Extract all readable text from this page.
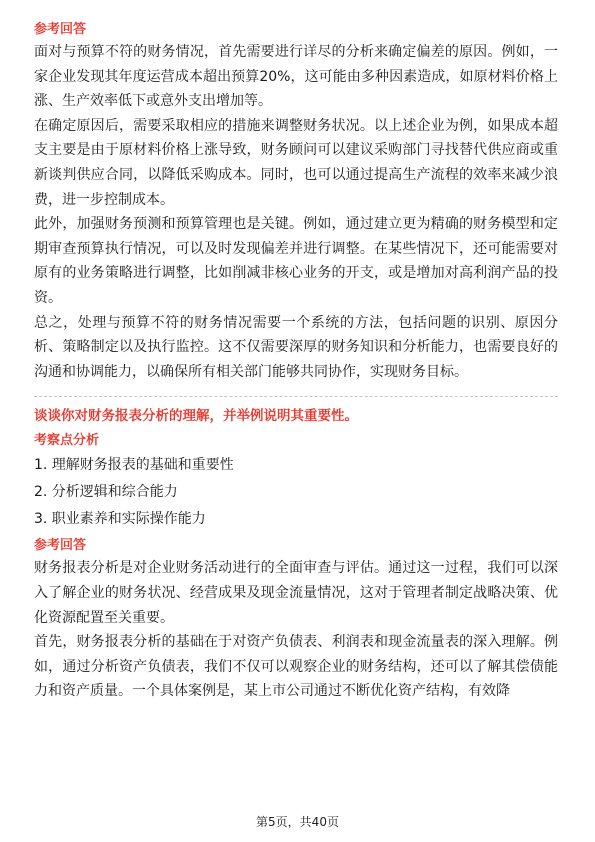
参考回答

面对与预算不符的财务情况，首先需要进行详尽的分析来确定偏差的原因。例如，一家企业发现其年度运营成本超出预算20%，这可能由多种因素造成，如原材料价格上涨、生产效率低下或意外支出增加等。

在确定原因后，需要采取相应的措施来调整财务状况。以上述企业为例，如果成本超支主要是由于原材料价格上涨导致，财务顾问可以建议采购部门寻找替代供应商或重新谈判供应合同，以降低采购成本。同时，也可以通过提高生产流程的效率来减少浪费，进一步控制成本。

此外，加强财务预测和预算管理也是关键。例如，通过建立更为精确的财务模型和定期审查预算执行情况，可以及时发现偏差并进行调整。在某些情况下，还可能需要对原有的业务策略进行调整，比如削减非核心业务的开支，或是增加对高利润产品的投资。

总之，处理与预算不符的财务情况需要一个系统的方法，包括问题的识别、原因分析、策略制定以及执行监控。这不仅需要深厚的财务知识和分析能力，也需要良好的沟通和协调能力，以确保所有相关部门能够共同协作，实现财务目标。

谈谈你对财务报表分析的理解，并举例说明其重要性。
考察点分析
1. 理解财务报表的基础和重要性
2. 分析逻辑和综合能力
3. 职业素养和实际操作能力
参考回答

财务报表分析是对企业财务活动进行的全面审查与评估。通过这一过程，我们可以深入了解企业的财务状况、经营成果及现金流量情况，这对于管理者制定战略决策、优化资源配置至关重要。

首先，财务报表分析的基础在于对资产负债表、利润表和现金流量表的深入理解。例如，通过分析资产负债表，我们不仅可以观察企业的财务结构，还可以了解其偿债能力和资产质量。一个具体案例是，某上市公司通过不断优化资产结构，有效降

第5页，共40页
